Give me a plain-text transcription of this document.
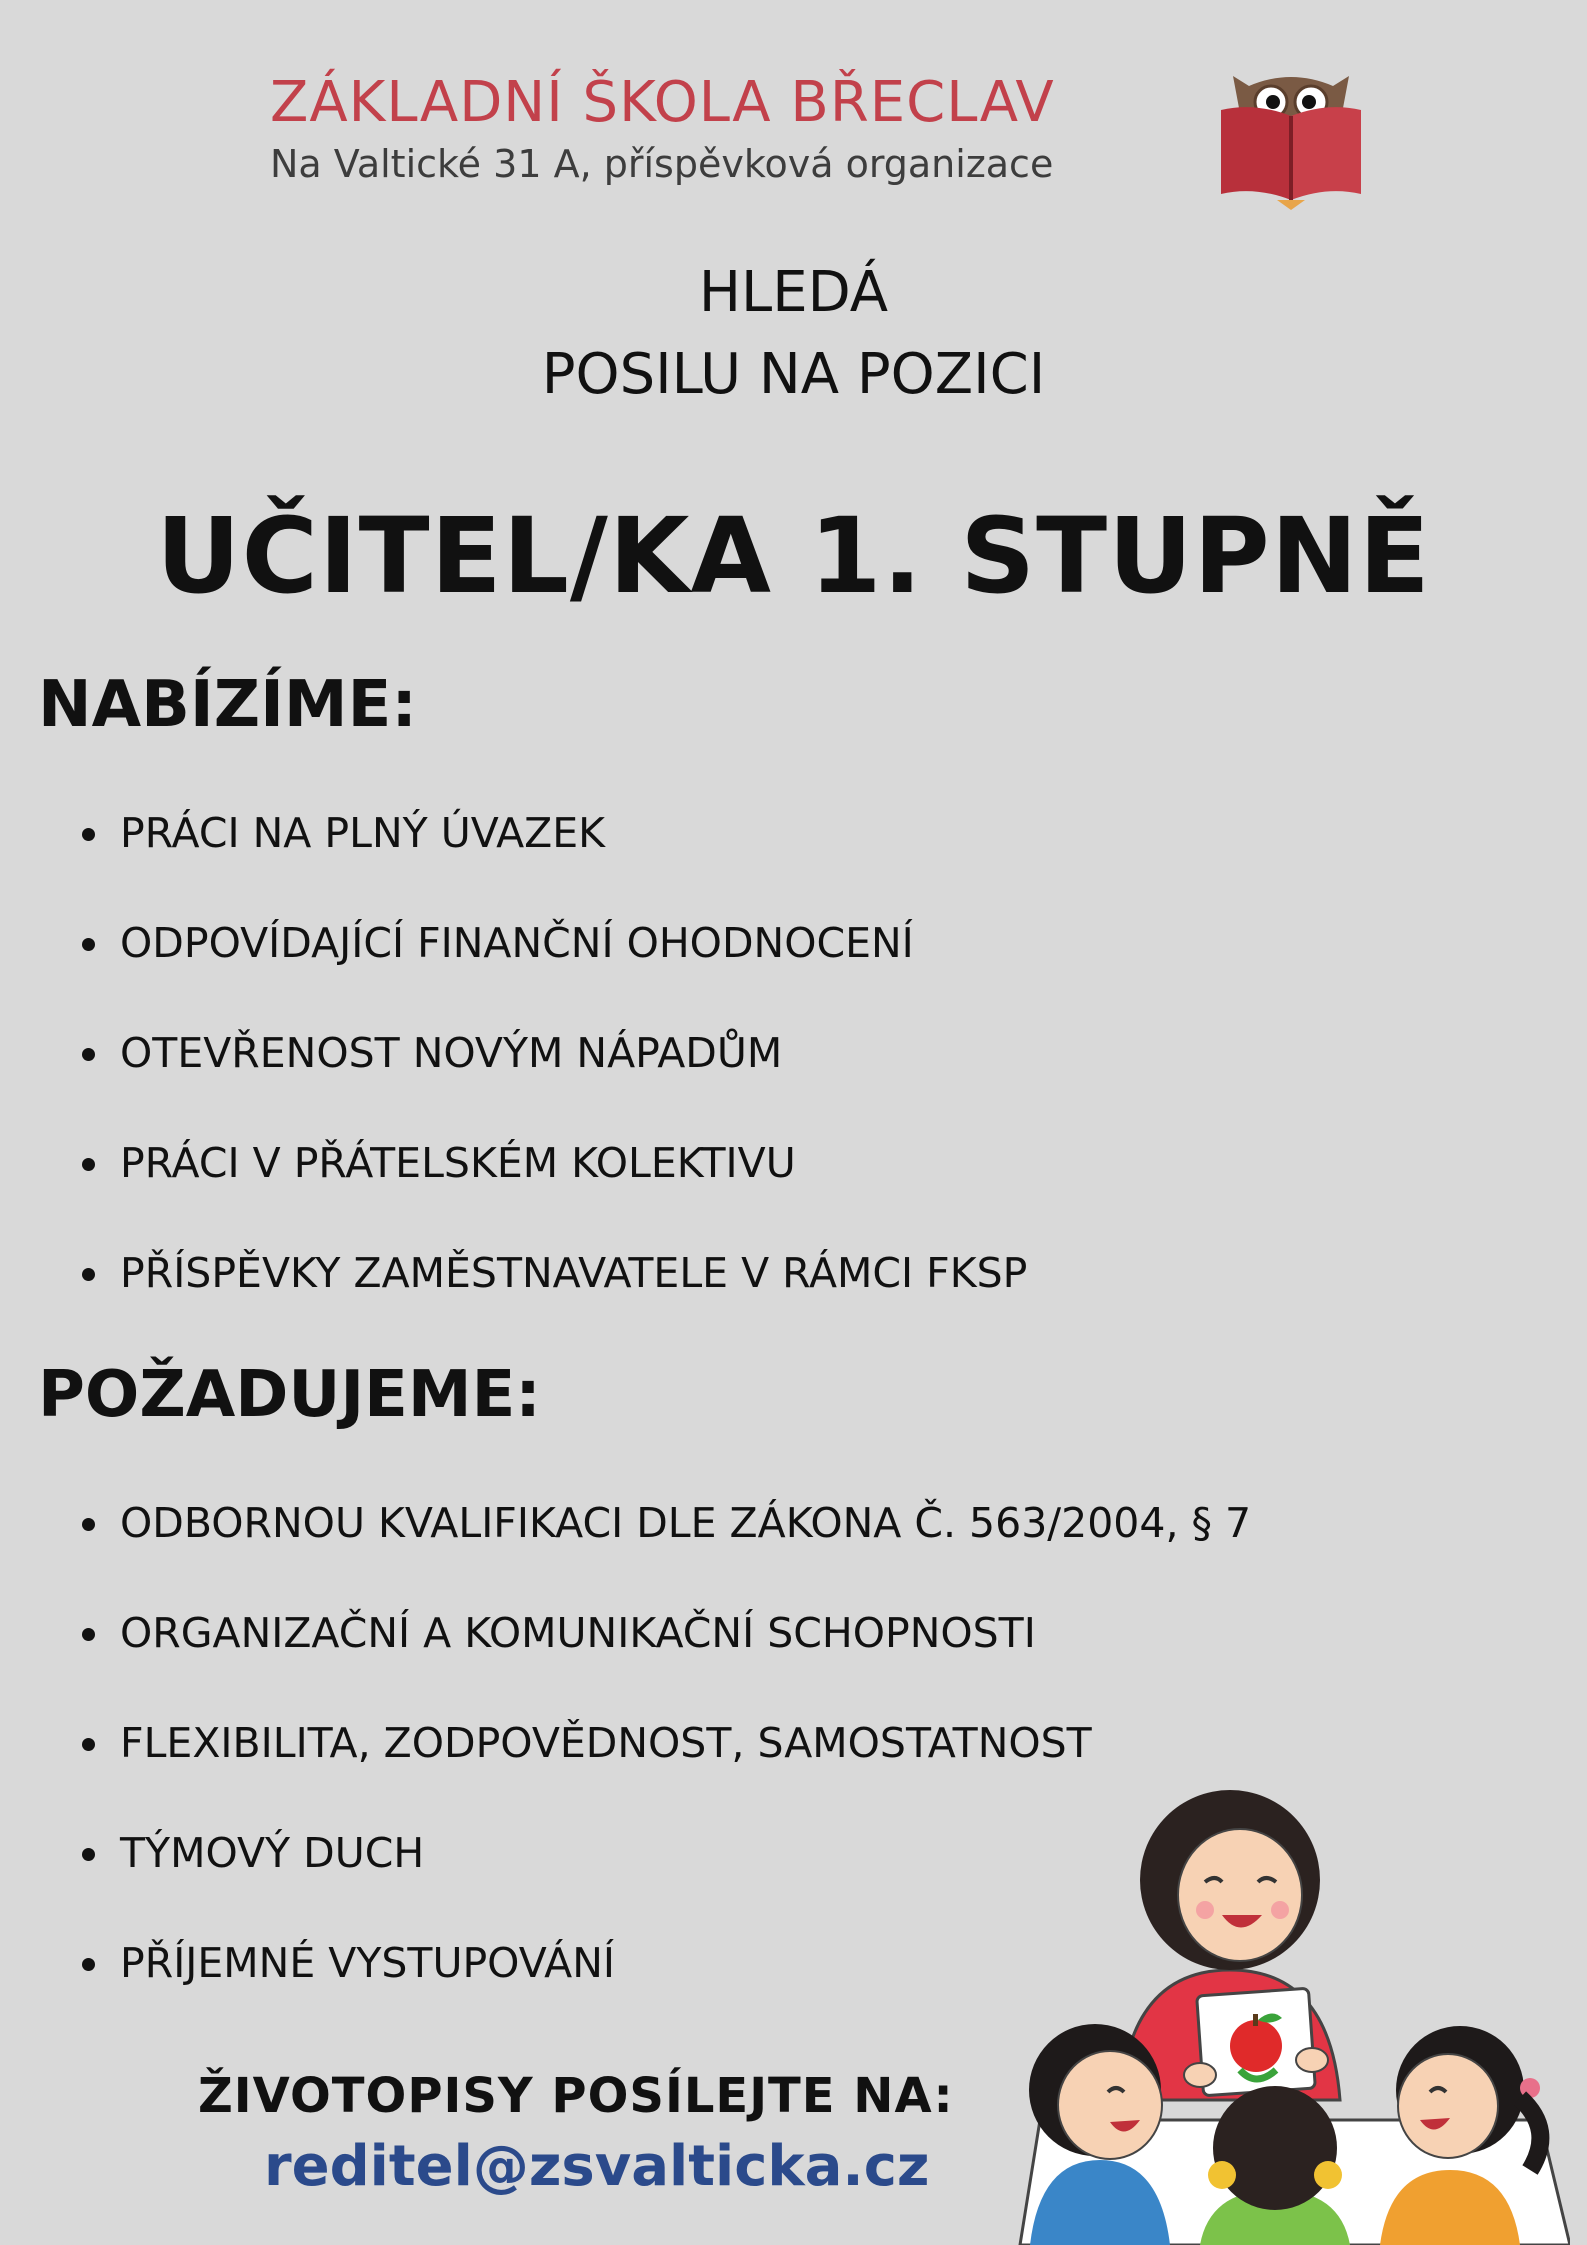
ZÁKLADNÍ ŠKOLA BŘECLAV
Na Valtické 31 A, příspěvková organizace
HLEDÁ
POSILU NA POZICI
UČITEL/KA 1. STUPNĚ
NABÍZÍME:
PRÁCI NA PLNÝ ÚVAZEK
ODPOVÍDAJÍCÍ FINANČNÍ OHODNOCENÍ
OTEVŘENOST NOVÝM NÁPADŮM
PRÁCI V PŘÁTELSKÉM KOLEKTIVU
PŘÍSPĚVKY ZAMĚSTNAVATELE V RÁMCI FKSP
POŽADUJEME:
ODBORNOU KVALIFIKACI DLE ZÁKONA Č. 563/2004, § 7
ORGANIZAČNÍ A KOMUNIKAČNÍ SCHOPNOSTI
FLEXIBILITA, ZODPOVĚDNOST, SAMOSTATNOST
TÝMOVÝ DUCH
PŘÍJEMNÉ VYSTUPOVÁNÍ
ŽIVOTOPISY POSÍLEJTE NA:
reditel@zsvalticka.cz
